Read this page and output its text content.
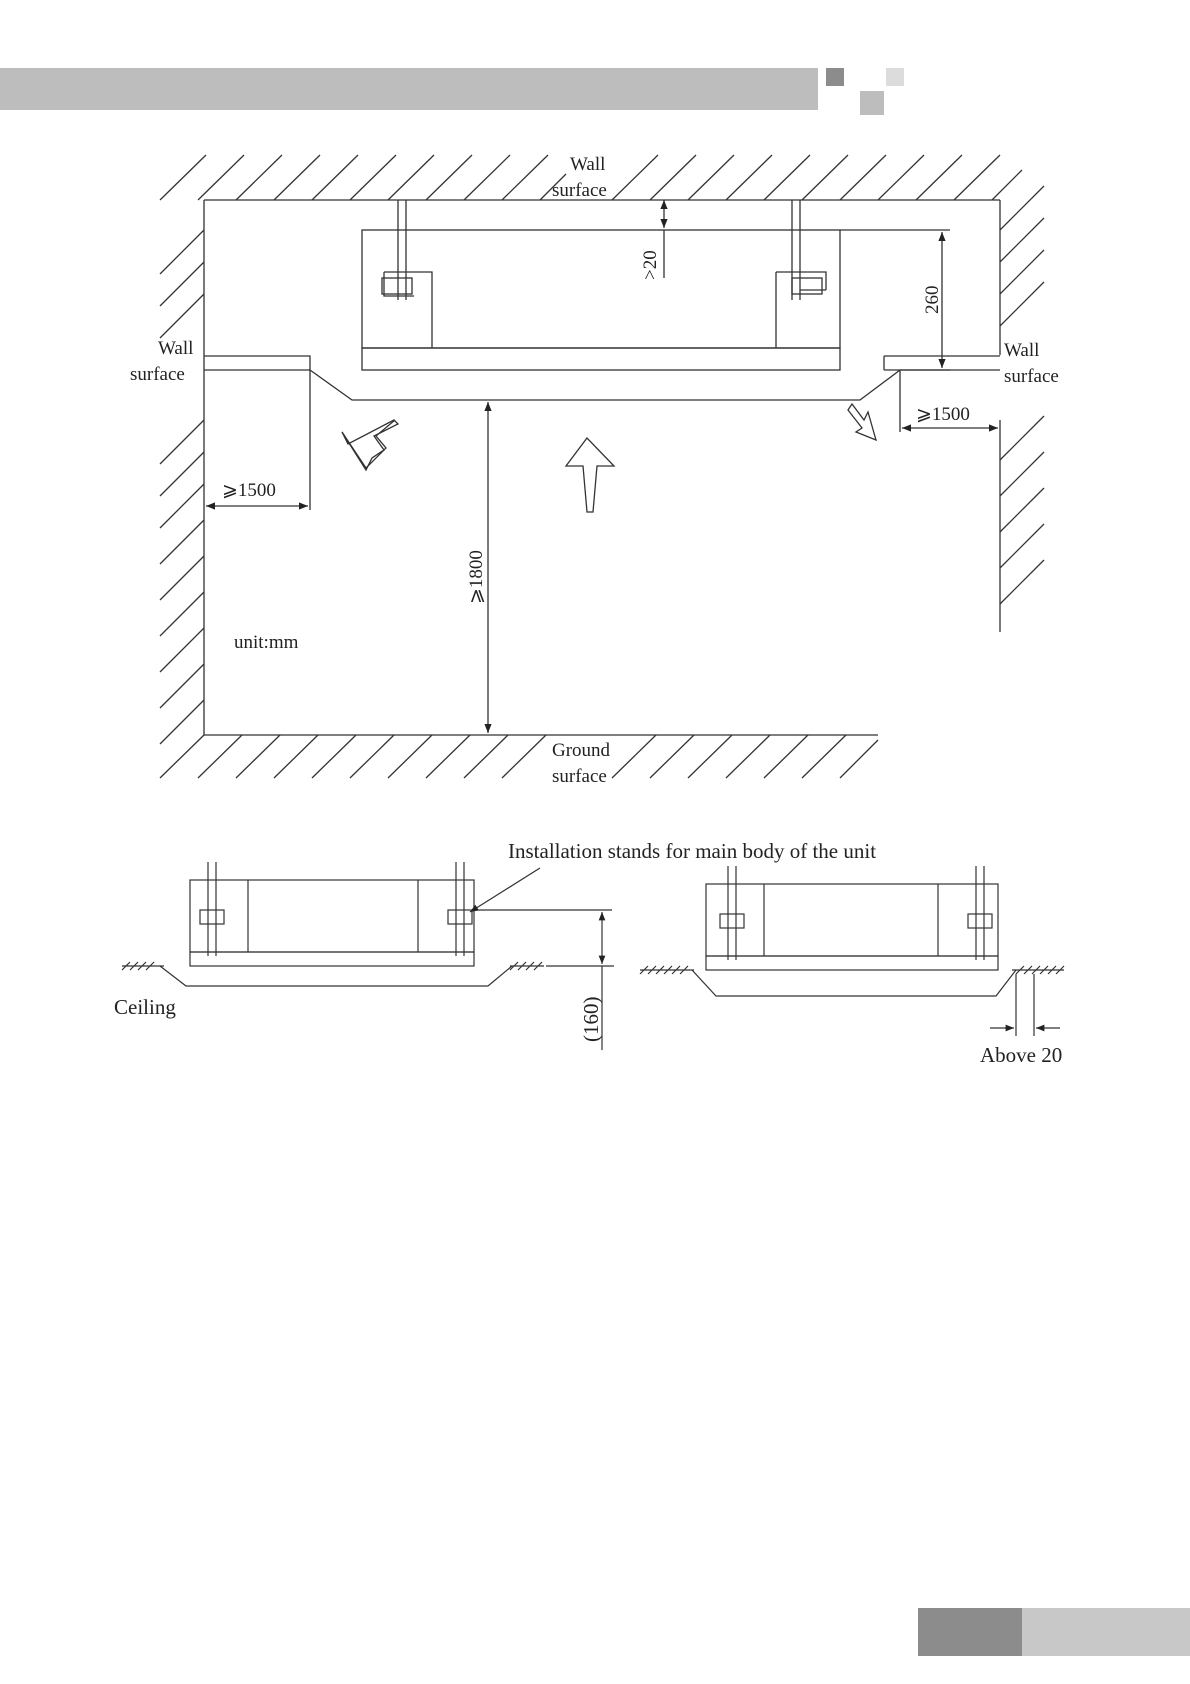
Wall
surface
Wall
surface
Wall
surface
Ground
surface
>20
260
⩾1500
⩾1500
⩾1800
unit:mm
Installation stands for main body of the unit
Ceiling	(160)
Above 20
